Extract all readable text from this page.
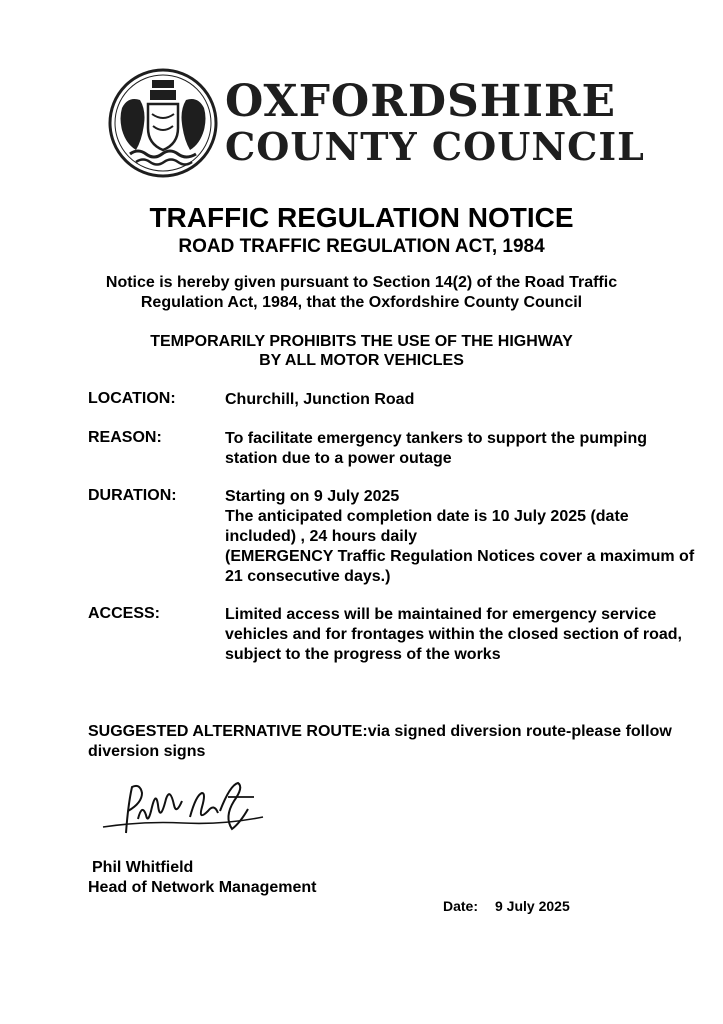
OXFORDSHIRE
COUNTY COUNCIL
TRAFFIC REGULATION NOTICE
ROAD TRAFFIC REGULATION ACT, 1984
Notice is hereby given pursuant to Section 14(2) of the Road Traffic
Regulation Act, 1984, that the Oxfordshire County Council
TEMPORARILY PROHIBITS THE USE OF THE HIGHWAY
BY ALL MOTOR VEHICLES
LOCATION:	Churchill, Junction Road
REASON:	To facilitate emergency tankers to support the pumping station due to a power outage
DURATION:	Starting on 9 July 2025
The anticipated completion date is 10 July 2025 (date included) , 24 hours daily
(EMERGENCY Traffic Regulation Notices cover a maximum of 21 consecutive days.)
ACCESS:	Limited access will be maintained for emergency service vehicles and for frontages within the closed section of road, subject to the progress of the works
SUGGESTED ALTERNATIVE ROUTE:via signed diversion route-please follow diversion signs
Phil Whitfield
Head of Network Management
Date: 9 July 2025
